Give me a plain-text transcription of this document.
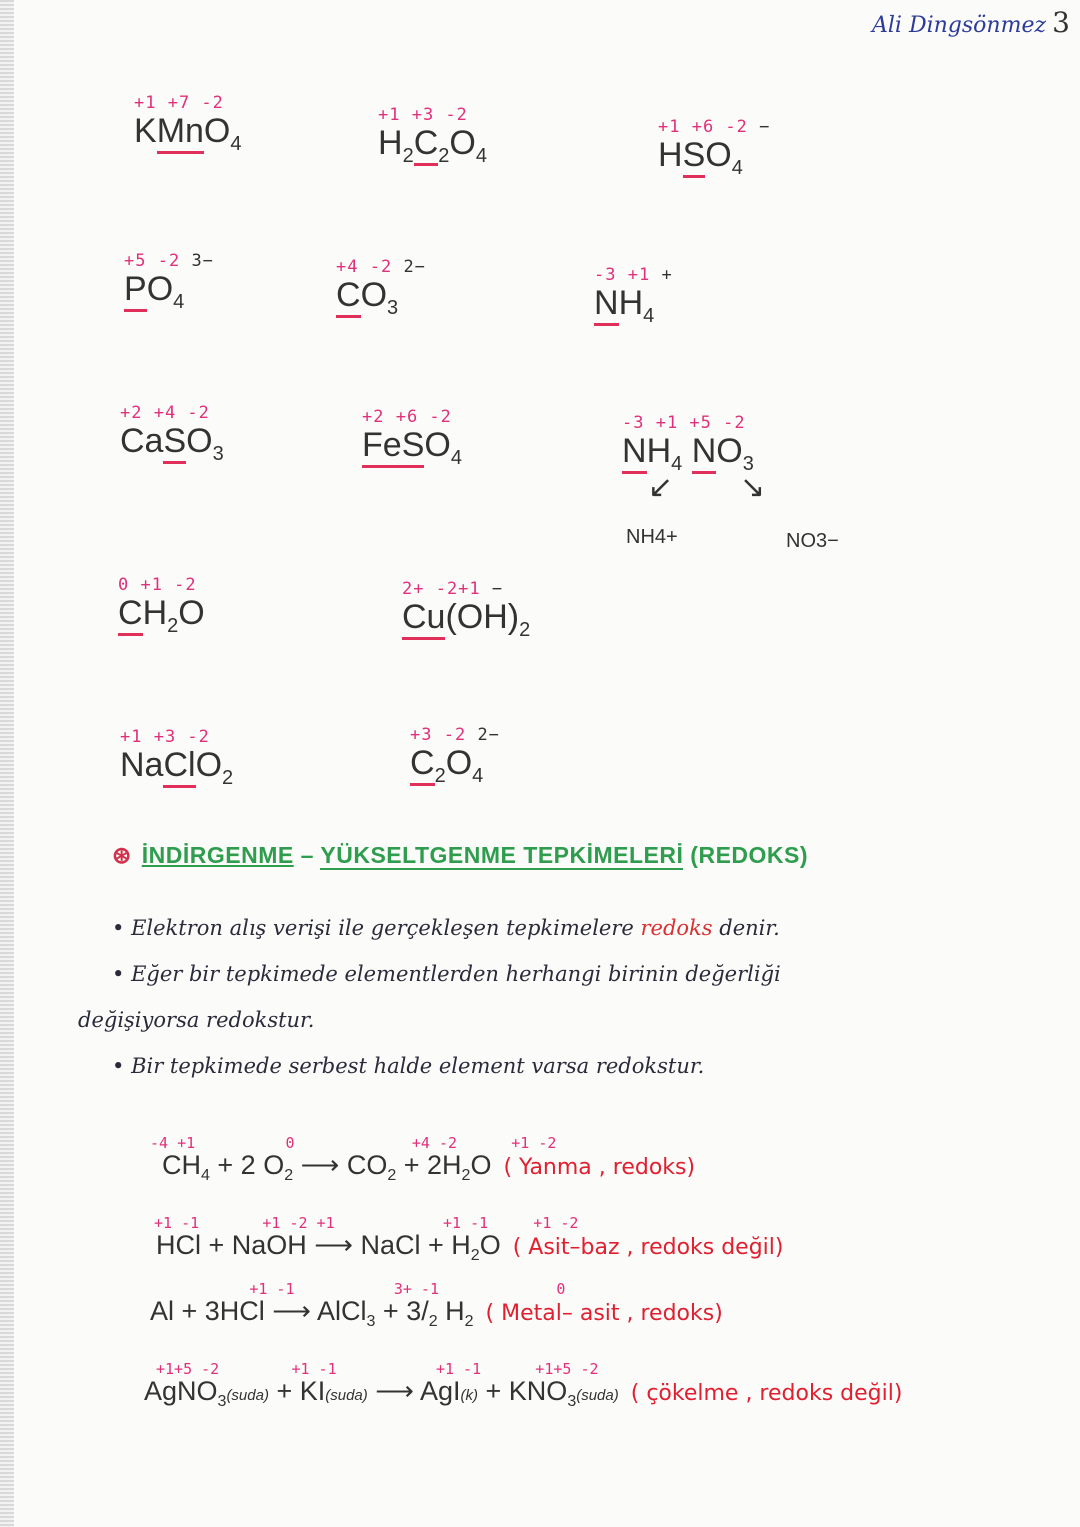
Ali Dingsönmez 3
+1 +7 -2
KMnO$_4$
+1 +3 -2
$H_2C_2O_4$
+1 +6 -2 −
$HSO_4$
+5 -2 3−
$PO_4$
+4 -2 2−
$CO_3$
-3 +1 +
$NH_4$
+2 +4 -2
CaSO$_3$
+2 +6 -2
FeSO$_4$
-3 +1 +5 -2
$NH_4$ $NO_3$
↙ ↘
NH4+	NO3−
0 +1 -2
$CH_2O$
2+ -2+1 −
$Cu(OH)_2$
+1 +3 -2
NaClO$_2$
+3 -2 2−
$C_2O_4$
⊛ İNDİRGENME – YÜKSELTGENME TEPKİMELERİ (REDOKS)
• Elektron alış verişi ile gerçekleşen tepkimelere redoks denir.
• Eğer bir tepkimede elementlerden herhangi birinin değerliği
değişiyorsa redokstur.
• Bir tepkimede serbest halde element varsa redokstur.
-4 +1          0             +4 -2      +1 -2
$CH_4 + 2$ $O_2$ ⟶ $CO_2 + 2H_2O$ ( Yanma , redoks)
+1 -1       +1 -2 +1            +1 -1     +1 -2
HCl + NaOH ⟶ NaCl + $H_2O$ ( Asit–baz , redoks değil)
+1 -1           3+ -1             0
Al + 3HCl ⟶ AlCl$_3$ + $3/_2$ $H_2$ ( Metal– asit , redoks)
+1+5 -2        +1 -1           +1 -1      +1+5 -2
AgNO$_3$(suda) + KI(suda) ⟶ $AgI(k) + KNO_3(suda)$ ( çökelme , redoks değil)
